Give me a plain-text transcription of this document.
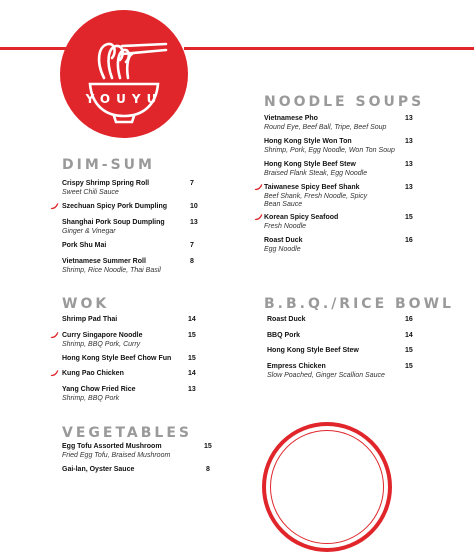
YOUYU	NOODLE SOUPS
Vietnamese Pho
Round Eye, Beef Ball, Tripe, Beef Soup
13
Hong Kong Style Won Ton
Shrimp, Pork, Egg Noodle, Won Ton Soup
13
Hong Kong Style Beef Stew
Braised Flank Steak, Egg Noodle
13
Taiwanese Spicy Beef Shank
Beef Shank, Fresh Noodle, Spicy Bean Sauce
13
Korean Spicy Seafood
Fresh Noodle
15
Roast Duck
Egg Noodle
16
DIM-SUM
Crispy Shrimp Spring Roll
Sweet Chili Sauce
7
Szechuan Spicy Pork Dumpling	10
Shanghai Pork Soup Dumpling
Ginger & Vinegar
13
Pork Shu Mai	7
Vietnamese Summer Roll
Shrimp, Rice Noodle, Thai Basil
8
WOK
Shrimp Pad Thai	14
Curry Singapore Noodle
Shrimp, BBQ Pork, Curry
15
Hong Kong Style Beef Chow Fun 15
Kung Pao Chicken	14
Yang Chow Fried Rice
Shrimp, BBQ Pork
13
B.B.Q./RICE BOWL
Roast Duck	16
BBQ Pork	14
Hong Kong Style Beef Stew	15
Empress Chicken
Slow Poached, Ginger Scallion Sauce
15
VEGETABLES
Egg Tofu Assorted Mushroom
Fried Egg Tofu, Braised Mushroom
15
Gai-lan, Oyster Sauce	8
